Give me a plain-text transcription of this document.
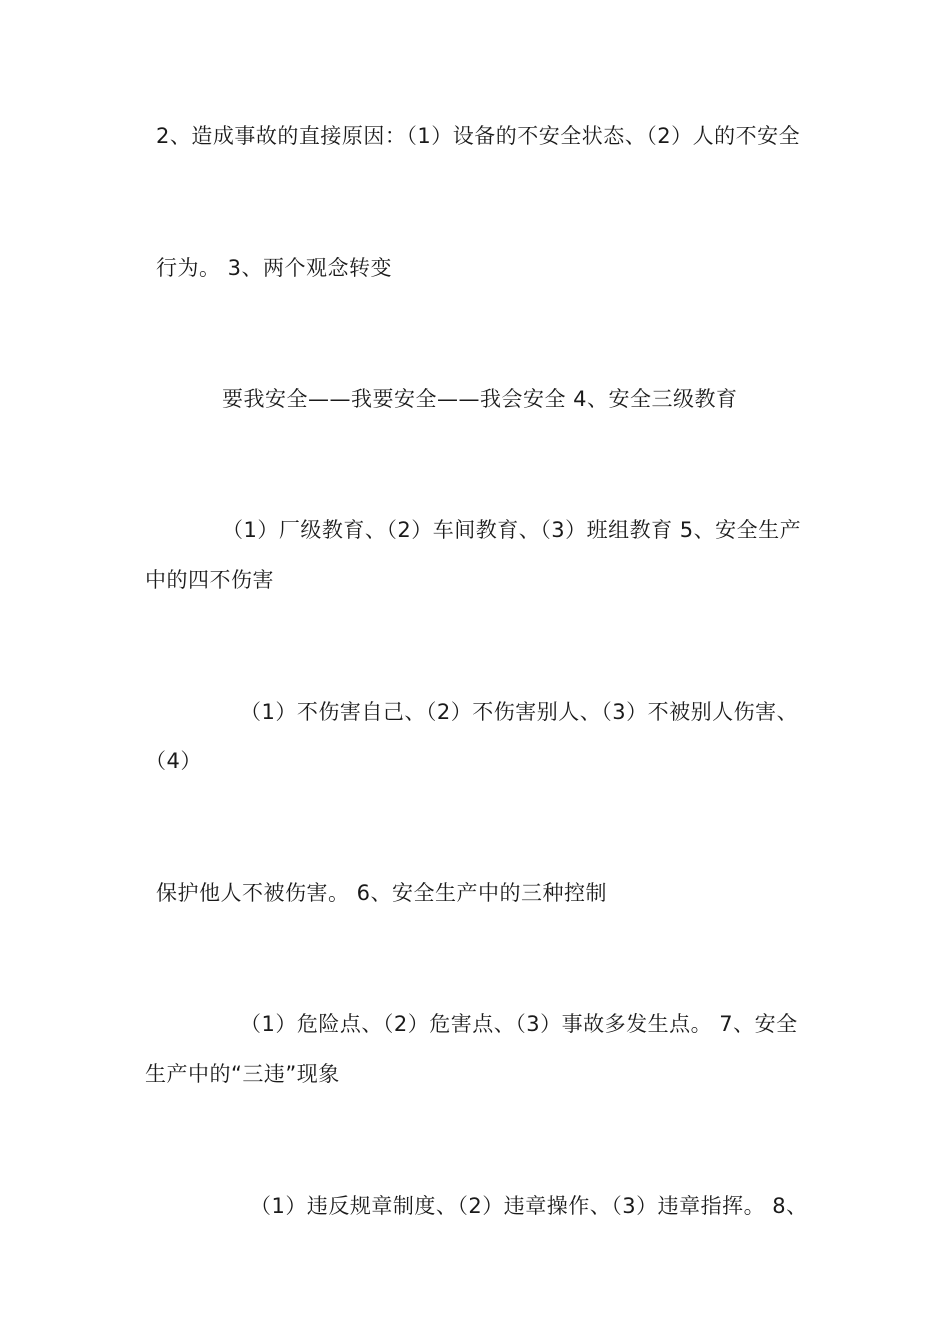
2、造成事故的直接原因：（1）设备的不安全状态、（2）人的不安全
行为。 3、两个观念转变
要我安全——我要安全——我会安全 4、安全三级教育
（1）厂级教育、（2）车间教育、（3）班组教育 5、安全生产
中的四不伤害
（1）不伤害自己、（2）不伤害别人、（3）不被别人伤害、
（4）
保护他人不被伤害。 6、安全生产中的三种控制
（1）危险点、（2）危害点、（3）事故多发生点。 7、安全
生产中的“三违”现象
（1）违反规章制度、（2）违章操作、（3）违章指挥。 8、
